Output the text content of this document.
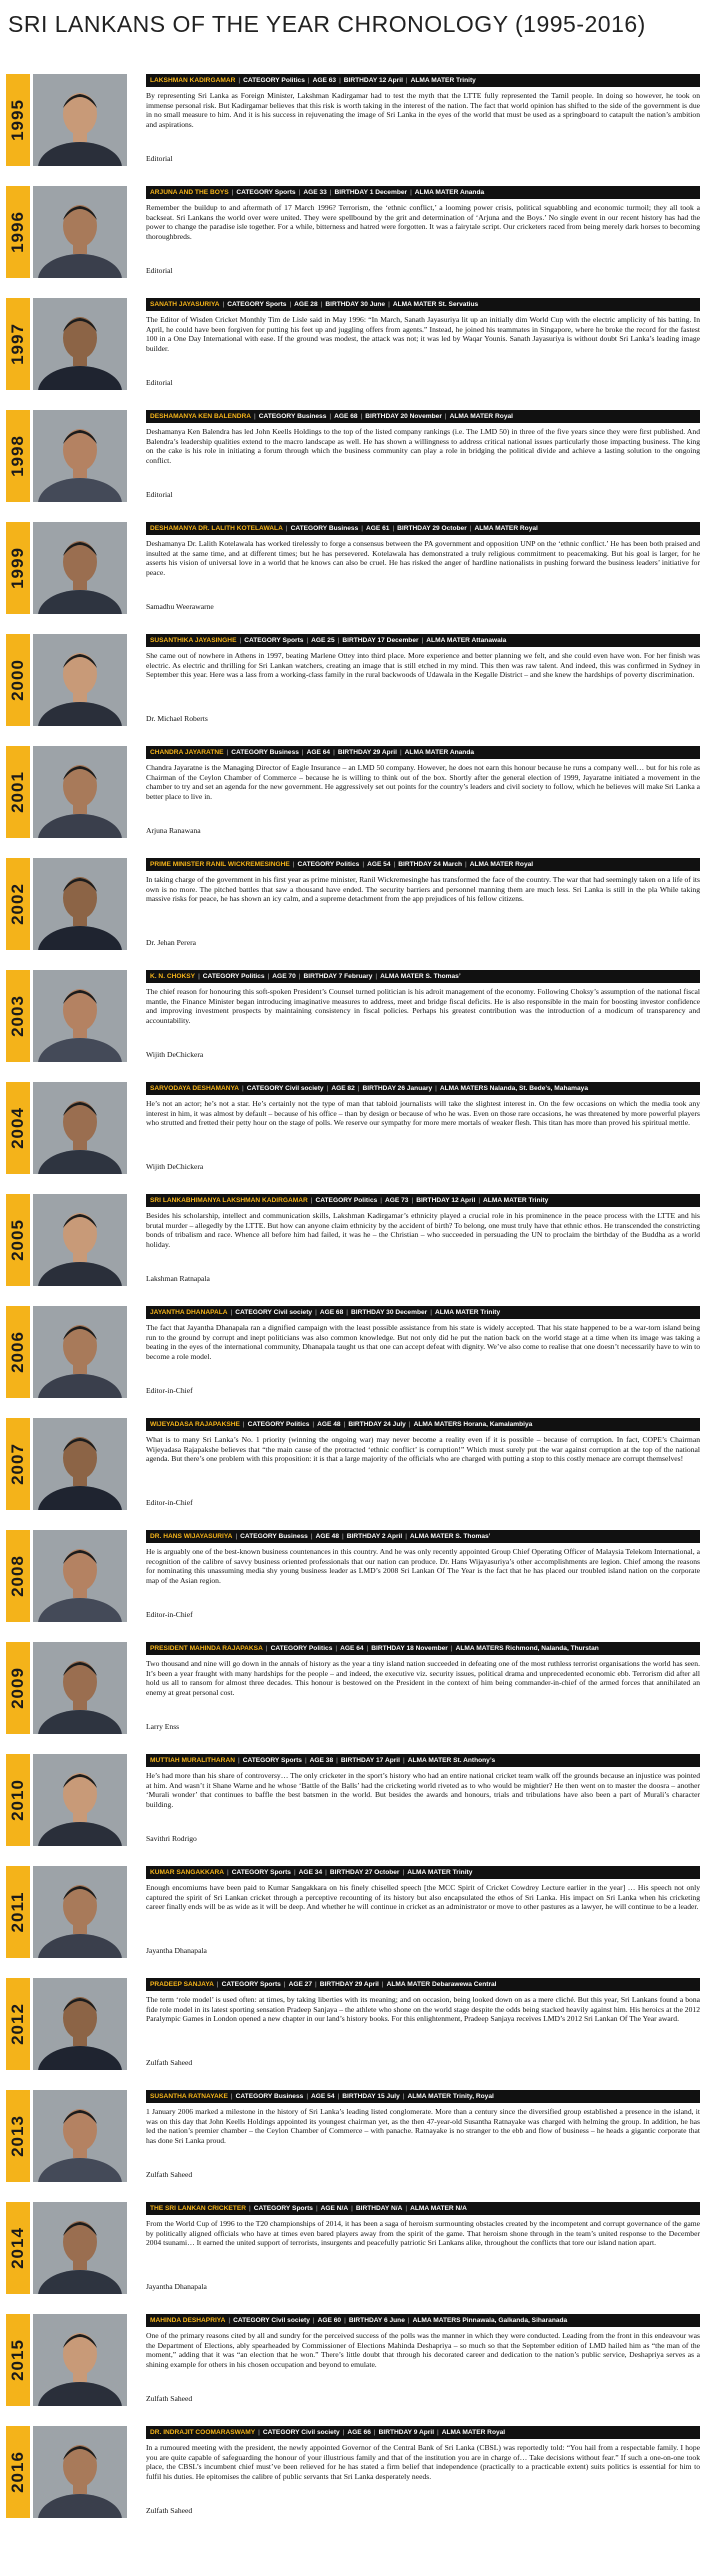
SRI LANKANS OF THE YEAR CHRONOLOGY (1995-2016)
1995
LAKSHMAN KADIRGAMAR | CATEGORY Politics | AGE 63 | BIRTHDAY 12 April | ALMA MATER Trinity
By representing Sri Lanka as Foreign Minister, Lakshman Kadirgamar had to test the myth that the LTTE fully represented the Tamil people. In doing so however, he took on immense personal risk. But Kadirgamar believes that this risk is worth taking in the interest of the nation. The fact that world opinion has shifted to the side of the government is due in no small measure to him. And it is his success in rejuvenating the image of Sri Lanka in the eyes of the world that must be used as a springboard to catapult the nation’s ambition and aspirations.
Editorial
1996
ARJUNA AND THE BOYS | CATEGORY Sports | AGE 33 | BIRTHDAY 1 December | ALMA MATER Ananda
Remember the buildup to and aftermath of 17 March 1996? Terrorism, the ‘ethnic conflict,’ a looming power crisis, political squabbling and economic turmoil; they all took a backseat. Sri Lankans the world over were united. They were spellbound by the grit and determination of ‘Arjuna and the Boys.’ No single event in our recent history has had the power to change the paradise isle together. For a while, bitterness and hatred were forgotten. It was a fairytale script. Our cricketers raced from being merely dark horses to becoming thoroughbreds.
Editorial
1997
SANATH JAYASURIYA | CATEGORY Sports | AGE 28 | BIRTHDAY 30 June | ALMA MATER St. Servatius
The Editor of Wisden Cricket Monthly Tim de Lisle said in May 1996: “In March, Sanath Jayasuriya lit up an initially dim World Cup with the electric amplicity of his batting. In April, he could have been forgiven for putting his feet up and juggling offers from agents.” Instead, he joined his teammates in Singapore, where he broke the record for the fastest 100 in a One Day International with ease. If the ground was modest, the attack was not; it was led by Waqar Younis. Sanath Jayasuriya is without doubt Sri Lanka’s leading image builder.
Editorial
1998
DESHAMANYA KEN BALENDRA | CATEGORY Business | AGE 68 | BIRTHDAY 20 November | ALMA MATER Royal
Deshamanya Ken Balendra has led John Keells Holdings to the top of the listed company rankings (i.e. The LMD 50) in three of the five years since they were first published. And Balendra’s leadership qualities extend to the macro landscape as well. He has shown a willingness to address critical national issues particularly those impacting business. The king on the cake is his role in initiating a forum through which the business community can play a role in bridging the political divide and achieve a lasting solution to the ongoing conflict.
Editorial
1999
DESHAMANYA DR. LALITH KOTELAWALA | CATEGORY Business | AGE 61 | BIRTHDAY 29 October | ALMA MATER Royal
Deshamanya Dr. Lalith Kotelawala has worked tirelessly to forge a consensus between the PA government and opposition UNP on the ‘ethnic conflict.’ He has been both praised and insulted at the same time, and at different times; but he has persevered. Kotelawala has demonstrated a truly religious commitment to peacemaking. But his goal is larger, for he asserts his vision of universal love in a world that he knows can also be cruel. He has risked the anger of hardline nationalists in pushing forward the business leaders’ initiative for peace.
Samadhu Weerawarne
2000
SUSANTHIKA JAYASINGHE | CATEGORY Sports | AGE 25 | BIRTHDAY 17 December | ALMA MATER Attanawala
She came out of nowhere in Athens in 1997, beating Marlene Ottey into third place. More experience and better planning we felt, and she could even have won. For her finish was electric. As electric and thrilling for Sri Lankan watchers, creating an image that is still etched in my mind. This then was raw talent. And indeed, this was confirmed in Sydney in September this year. Here was a lass from a working-class family in the rural backwoods of Udawala in the Kegalle District – and she knew the hardships of poverty discrimination.
Dr. Michael Roberts
2001
CHANDRA JAYARATNE | CATEGORY Business | AGE 64 | BIRTHDAY 29 April | ALMA MATER Ananda
Chandra Jayaratne is the Managing Director of Eagle Insurance – an LMD 50 company. However, he does not earn this honour because he runs a company well… but for his role as Chairman of the Ceylon Chamber of Commerce – because he is willing to think out of the box. Shortly after the general election of 1999, Jayaratne initiated a movement in the chamber to try and set an agenda for the new government. He aggressively set out points for the country’s leaders and civil society to follow, which he believes will make Sri Lanka a better place to live in.
Arjuna Ranawana
2002
PRIME MINISTER RANIL WICKREMESINGHE | CATEGORY Politics | AGE 54 | BIRTHDAY 24 March | ALMA MATER Royal
In taking charge of the government in his first year as prime minister, Ranil Wickremesinghe has transformed the face of the country. The war that had seemingly taken on a life of its own is no more. The pitched battles that saw a thousand have ended. The security barriers and personnel manning them are much less. Sri Lanka is still in the pla While taking massive risks for peace, he has shown an icy calm, and a supreme detachment from the app prejudices of his fellow citizens.
Dr. Jehan Perera
2003
K. N. CHOKSY | CATEGORY Politics | AGE 70 | BIRTHDAY 7 February | ALMA MATER S. Thomas’
The chief reason for honouring this soft-spoken President’s Counsel turned politician is his adroit management of the economy. Following Choksy’s assumption of the national fiscal mantle, the Finance Minister began introducing imaginative measures to address, meet and bridge fiscal deficits. He is also responsible in the main for boosting investor confidence and improving investment prospects by maintaining consistency in fiscal policies. Perhaps his greatest contribution was the introduction of a modicum of transparency and accountability.
Wijith DeChickera
2004
SARVODAYA DESHAMANYA | CATEGORY Civil society | AGE 82 | BIRTHDAY 26 January | ALMA MATERS Nalanda, St. Bede’s, Mahamaya
He’s not an actor; he’s not a star. He’s certainly not the type of man that tabloid journalists will take the slightest interest in. On the few occasions on which the media took any interest in him, it was almost by default – because of his office – than by design or because of who he was. Even on those rare occasions, he was threatened by more powerful players who strutted and fretted their petty hour on the stage of polls. We reserve our sympathy for more mere mortals of weaker flesh. This titan has more than proved his spiritual mettle.
Wijith DeChickera
2005
SRI LANKABHIMANYA LAKSHMAN KADIRGAMAR | CATEGORY Politics | AGE 73 | BIRTHDAY 12 April | ALMA MATER Trinity
Besides his scholarship, intellect and communication skills, Lakshman Kadirgamar’s ethnicity played a crucial role in his prominence in the peace process with the LTTE and his brutal murder – allegedly by the LTTE. But how can anyone claim ethnicity by the accident of birth? To belong, one must truly have that ethnic ethos. He transcended the constricting bonds of tribalism and race. Whence all before him had failed, it was he – the Christian – who succeeded in persuading the UN to proclaim the birthday of the Buddha as a world holiday.
Lakshman Ratnapala
2006
JAYANTHA DHANAPALA | CATEGORY Civil society | AGE 68 | BIRTHDAY 30 December | ALMA MATER Trinity
The fact that Jayantha Dhanapala ran a dignified campaign with the least possible assistance from his state is widely accepted. That his state happened to be a war-torn island being run to the ground by corrupt and inept politicians was also common knowledge. But not only did he put the nation back on the world stage at a time when its image was taking a beating in the eyes of the international community, Dhanapala taught us that one can accept defeat with dignity. We’ve also come to realise that one doesn’t necessarily have to win to become a role model.
Editor-in-Chief
2007
WIJEYADASA RAJAPAKSHE | CATEGORY Politics | AGE 48 | BIRTHDAY 24 July | ALMA MATERS Horana, Kamalambiya
What is to many Sri Lanka’s No. 1 priority (winning the ongoing war) may never become a reality even if it is possible – because of corruption. In fact, COPE’s Chairman Wijeyadasa Rajapakshe believes that “the main cause of the protracted ‘ethnic conflict’ is corruption!” Which must surely put the war against corruption at the top of the national agenda. But there’s one problem with this proposition: it is that a large majority of the officials who are charged with putting a stop to this costly menace are corrupt themselves!
Editor-in-Chief
2008
DR. HANS WIJAYASURIYA | CATEGORY Business | AGE 48 | BIRTHDAY 2 April | ALMA MATER S. Thomas’
He is arguably one of the best-known business countenances in this country. And he was only recently appointed Group Chief Operating Officer of Malaysia Telekom International, a recognition of the calibre of savvy business oriented professionals that our nation can produce. Dr. Hans Wijayasuriya’s other accomplishments are legion. Chief among the reasons for nominating this unassuming media shy young business leader as LMD’s 2008 Sri Lankan Of The Year is the fact that he has placed our troubled island nation on the corporate map of the Asian region.
Editor-in-Chief
2009
PRESIDENT MAHINDA RAJAPAKSA | CATEGORY Politics | AGE 64 | BIRTHDAY 18 November | ALMA MATERS Richmond, Nalanda, Thurstan
Two thousand and nine will go down in the annals of history as the year a tiny island nation succeeded in defeating one of the most ruthless terrorist organisations the world has seen. It’s been a year fraught with many hardships for the people – and indeed, the executive viz. security issues, political drama and unprecedented economic ebb. Terrorism did after all hold us all to ransom for almost three decades. This honour is bestowed on the President in the context of him being commander-in-chief of the armed forces that annihilated an enemy at great personal cost.
Larry Enss
2010
MUTTIAH MURALITHARAN | CATEGORY Sports | AGE 38 | BIRTHDAY 17 April | ALMA MATER St. Anthony’s
He’s had more than his share of controversy… The only cricketer in the sport’s history who had an entire national cricket team walk off the grounds because an injustice was pointed at him. And wasn’t it Shane Warne and he whose ‘Battle of the Balls’ had the cricketing world riveted as to who would be mightier? He then went on to master the doosra – another ‘Murali wonder’ that continues to baffle the best batsmen in the world. But besides the awards and honours, trials and tribulations have also been a part of Murali’s character building.
Savithri Rodrigo
2011
KUMAR SANGAKKARA | CATEGORY Sports | AGE 34 | BIRTHDAY 27 October | ALMA MATER Trinity
Enough encomiums have been paid to Kumar Sangakkara on his finely chiselled speech [the MCC Spirit of Cricket Cowdrey Lecture earlier in the year] … His speech not only captured the spirit of Sri Lankan cricket through a perceptive recounting of its history but also encapsulated the ethos of Sri Lanka. His impact on Sri Lanka when his cricketing career finally ends will be as wide as it will be deep. And whether he will continue in cricket as an administrator or move to other pastures as a lawyer, he will continue to be a leader.
Jayantha Dhanapala
2012
PRADEEP SANJAYA | CATEGORY Sports | AGE 27 | BIRTHDAY 29 April | ALMA MATER Debarawewa Central
The term ‘role model’ is used often: at times, by taking liberties with its meaning; and on occasion, being looked down on as a mere cliché. But this year, Sri Lankans found a bona fide role model in its latest sporting sensation Pradeep Sanjaya – the athlete who shone on the world stage despite the odds being stacked heavily against him. His heroics at the 2012 Paralympic Games in London opened a new chapter in our land’s history books. For this enlightenment, Pradeep Sanjaya receives LMD’s 2012 Sri Lankan Of The Year award.
Zulfath Saheed
2013
SUSANTHA RATNAYAKE | CATEGORY Business | AGE 54 | BIRTHDAY 15 July | ALMA MATER Trinity, Royal
1 January 2006 marked a milestone in the history of Sri Lanka’s leading listed conglomerate. More than a century since the diversified group established a presence in the island, it was on this day that John Keells Holdings appointed its youngest chairman yet, as the then 47-year-old Susantha Ratnayake was charged with helming the group. In addition, he has led the nation’s premier chamber – the Ceylon Chamber of Commerce – with panache. Ratnayake is no stranger to the ebb and flow of business – he heads a gigantic corporate that has done Sri Lanka proud.
Zulfath Saheed
2014
THE SRI LANKAN CRICKETER | CATEGORY Sports | AGE N/A | BIRTHDAY N/A | ALMA MATER N/A
From the World Cup of 1996 to the T20 championships of 2014, it has been a saga of heroism surmounting obstacles created by the incompetent and corrupt governance of the game by politically aligned officials who have at times even bared players away from the spirit of the game. That heroism shone through in the team’s united response to the December 2004 tsunami… It earned the united support of terrorists, insurgents and peacefully patriotic Sri Lankans alike, throughout the conflicts that tore our island nation apart.
Jayantha Dhanapala
2015
MAHINDA DESHAPRIYA | CATEGORY Civil society | AGE 60 | BIRTHDAY 6 June | ALMA MATERS Pinnawala, Galkanda, Siharanada
One of the primary reasons cited by all and sundry for the perceived success of the polls was the manner in which they were conducted. Leading from the front in this endeavour was the Department of Elections, ably spearheaded by Commissioner of Elections Mahinda Deshapriya – so much so that the September edition of LMD hailed him as “the man of the moment,” adding that it was “an election that he won.” There’s little doubt that through his decorated career and dedication to the nation’s public service, Deshapriya serves as a shining example for others in his chosen occupation and beyond to emulate.
Zulfath Saheed
2016
DR. INDRAJIT COOMARASWAMY | CATEGORY Civil society | AGE 66 | BIRTHDAY 9 April | ALMA MATER Royal
In a rumoured meeting with the president, the newly appointed Governor of the Central Bank of Sri Lanka (CBSL) was reportedly told: “You hail from a respectable family. I hope you are quite capable of safeguarding the honour of your illustrious family and that of the institution you are in charge of… Take decisions without fear.” If such a one-on-one took place, the CBSL’s incumbent chief must’ve been relieved for he has stated a firm belief that independence (practically to a practicable extent) suits politics is essential for him to fulfil his duties. He epitomises the calibre of public servants that Sri Lanka desperately needs.
Zulfath Saheed
